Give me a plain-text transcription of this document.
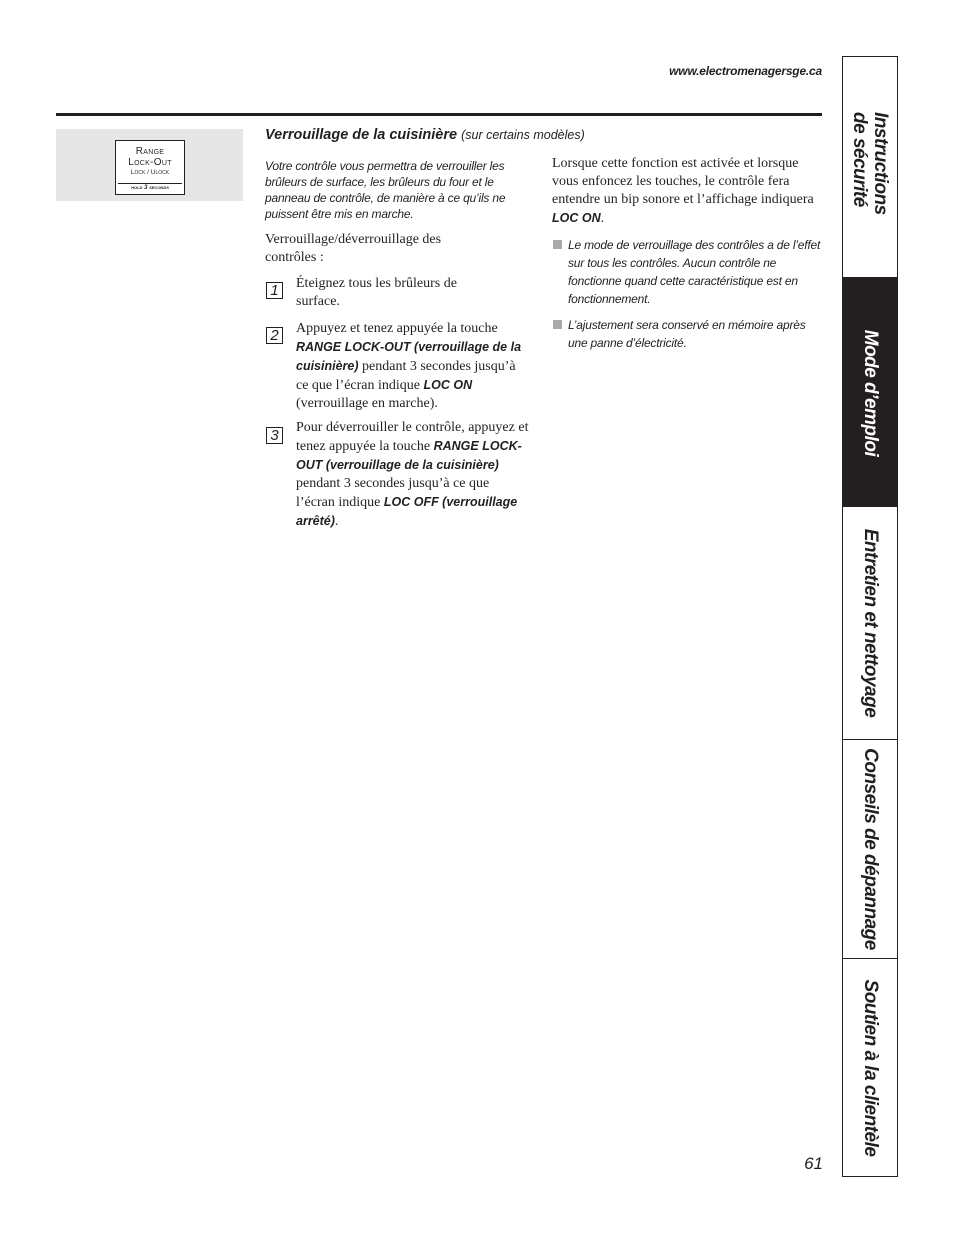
www.electromenagersge.ca
Range
Lock-Out
Lock / Ulock
hold 3 seconds
Verrouillage de la cuisinière (sur certains modèles)
Votre contrôle vous permettra de verrouiller les brûleurs de surface, les brûleurs du four et le panneau de contrôle, de manière à ce qu’ils ne puissent être mis en marche.
Verrouillage/déverrouillage des contrôles :
1	Éteignez tous les brûleurs de surface.
2	Appuyez et tenez appuyée la touche RANGE LOCK-OUT (verrouillage de la cuisinière) pendant 3 secondes jusqu’à ce que l’écran indique LOC ON (verrouillage en marche).
3	Pour déverrouiller le contrôle, appuyez et tenez appuyée la touche RANGE LOCK-OUT (verrouillage de la cuisinière) pendant 3 secondes jusqu’à ce que l’écran indique LOC OFF (verrouillage arrêté).
Lorsque cette fonction est activée et lorsque vous enfoncez les touches, le contrôle fera entendre un bip sonore et l’affichage indiquera LOC ON.
Le mode de verrouillage des contrôles a de l’effet sur tous les contrôles. Aucun contrôle ne fonctionne quand cette caractéristique est en fonctionnement.
L’ajustement sera conservé en mémoire après une panne d’électricité.
61
Instructions de sécurité
Mode d’emploi
Entretien et nettoyage
Conseils de dépannage
Soutien à la clientèle
